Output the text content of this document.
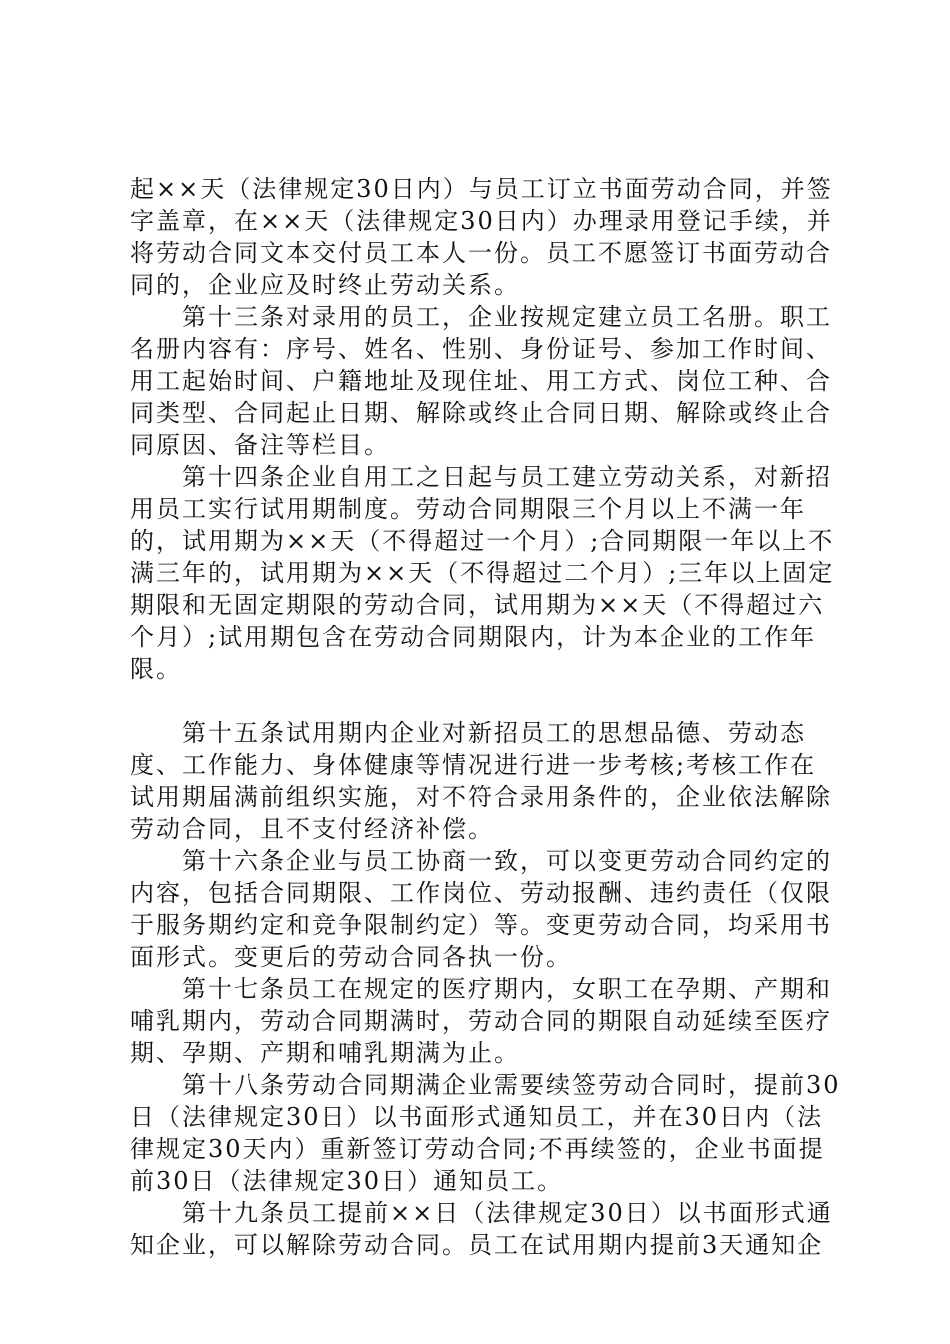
起××天（法律规定30日内）与员工订立书面劳动合同，并签字盖章，在××天（法律规定30日内）办理录用登记手续，并将劳动合同文本交付员工本人一份。员工不愿签订书面劳动合同的，企业应及时终止劳动关系。

　　第十三条对录用的员工，企业按规定建立员工名册。职工名册内容有：序号、姓名、性别、身份证号、参加工作时间、用工起始时间、户籍地址及现住址、用工方式、岗位工种、合同类型、合同起止日期、解除或终止合同日期、解除或终止合同原因、备注等栏目。

　　第十四条企业自用工之日起与员工建立劳动关系，对新招用员工实行试用期制度。劳动合同期限三个月以上不满一年的，试用期为××天（不得超过一个月）;合同期限一年以上不满三年的，试用期为××天（不得超过二个月）;三年以上固定期限和无固定期限的劳动合同，试用期为××天（不得超过六个月）;试用期包含在劳动合同期限内，计为本企业的工作年限。

　　第十五条试用期内企业对新招员工的思想品德、劳动态度、工作能力、身体健康等情况进行进一步考核;考核工作在试用期届满前组织实施，对不符合录用条件的，企业依法解除劳动合同，且不支付经济补偿。

　　第十六条企业与员工协商一致，可以变更劳动合同约定的内容，包括合同期限、工作岗位、劳动报酬、违约责任（仅限于服务期约定和竞争限制约定）等。变更劳动合同，均采用书面形式。变更后的劳动合同各执一份。

　　第十七条员工在规定的医疗期内，女职工在孕期、产期和哺乳期内，劳动合同期满时，劳动合同的期限自动延续至医疗期、孕期、产期和哺乳期满为止。

　　第十八条劳动合同期满企业需要续签劳动合同时，提前30日（法律规定30日）以书面形式通知员工，并在30日内（法律规定30天内）重新签订劳动合同;不再续签的，企业书面提前30日（法律规定30日）通知员工。

　　第十九条员工提前××日（法律规定30日）以书面形式通知企业，可以解除劳动合同。员工在试用期内提前3天通知企
